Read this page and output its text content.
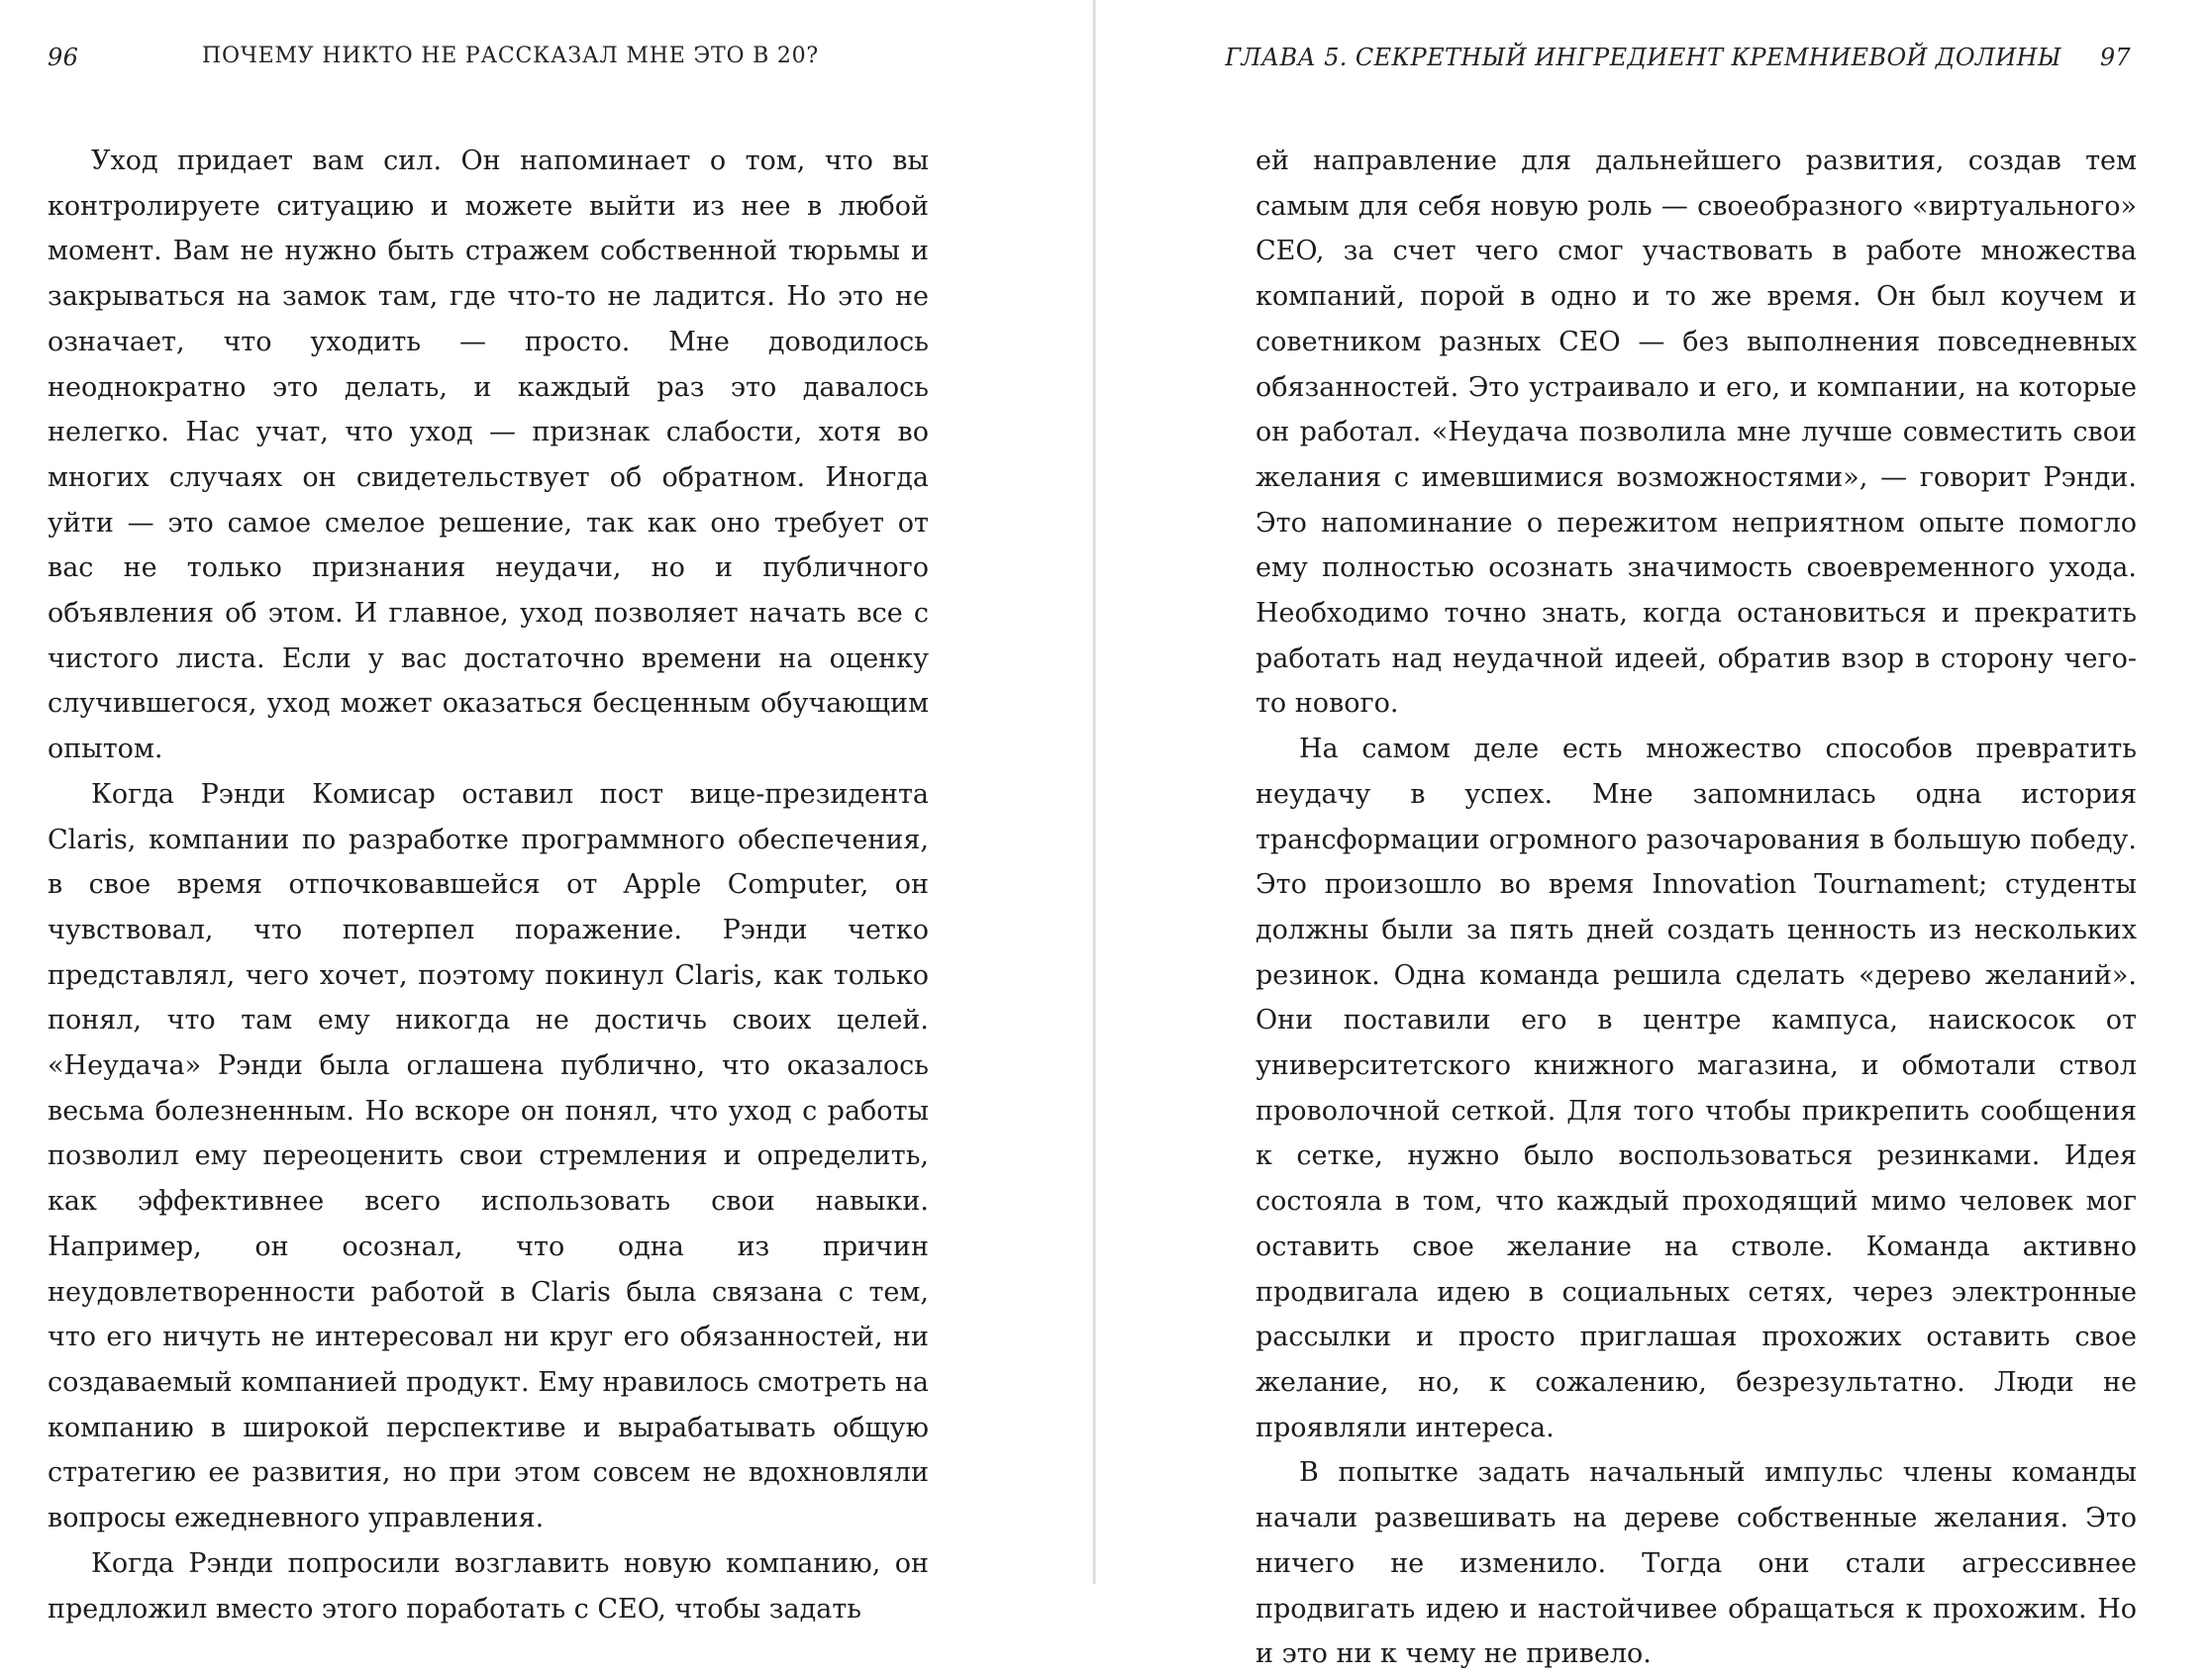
96	ПОЧЕМУ НИКТО НЕ РАССКАЗАЛ МНЕ ЭТО В 20?

Уход придает вам сил. Он напоминает о том, что вы контролируете ситуацию и можете выйти из нее в любой момент. Вам не нужно быть стражем собственной тюрьмы и закрываться на замок там, где что-то не ладится. Но это не означает, что уходить — просто. Мне доводилось неоднократно это делать, и каждый раз это давалось нелегко. Нас учат, что уход — признак слабости, хотя во многих случаях он свидетельствует об обратном. Иногда уйти — это самое смелое решение, так как оно требует от вас не только признания неудачи, но и публичного объявления об этом. И главное, уход позволяет начать все с чистого листа. Если у вас достаточно времени на оценку случившегося, уход может оказаться бесценным обучающим опытом.

Когда Рэнди Комисар оставил пост вице-президента Claris, компании по разработке программного обеспечения, в свое время отпочковавшейся от Apple Computer, он чувствовал, что потерпел поражение. Рэнди четко представлял, чего хочет, поэтому покинул Claris, как только понял, что там ему никогда не достичь своих целей. «Неудача» Рэнди была оглашена публично, что оказалось весьма болезненным. Но вскоре он понял, что уход с работы позволил ему переоценить свои стремления и определить, как эффективнее всего использовать свои навыки. Например, он осознал, что одна из причин неудовлетворенности работой в Claris была связана с тем, что его ничуть не интересовал ни круг его обязанностей, ни создаваемый компанией продукт. Ему нравилось смотреть на компанию в широкой перспективе и вырабатывать общую стратегию ее развития, но при этом совсем не вдохновляли вопросы ежедневного управления.

Когда Рэнди попросили возглавить новую компанию, он предложил вместо этого поработать с CEO, чтобы задать

ГЛАВА 5. СЕКРЕТНЫЙ ИНГРЕДИЕНТ КРЕМНИЕВОЙ ДОЛИНЫ 97

ей направление для дальнейшего развития, создав тем самым для себя новую роль — своеобразного «виртуального» CEO, за счет чего смог участвовать в работе множества компаний, порой в одно и то же время. Он был коучем и советником разных CEO — без выполнения повседневных обязанностей. Это устраивало и его, и компании, на которые он работал. «Неудача позволила мне лучше совместить свои желания с имевшимися возможностями», — говорит Рэнди. Это напоминание о пережитом неприятном опыте помогло ему полностью осознать значимость своевременного ухода. Необходимо точно знать, когда остановиться и прекратить работать над неудачной идеей, обратив взор в сторону чего-то нового.

На самом деле есть множество способов превратить неудачу в успех. Мне запомнилась одна история трансформации огромного разочарования в большую победу. Это произошло во время Innovation Tournament; студенты должны были за пять дней создать ценность из нескольких резинок. Одна команда решила сделать «дерево желаний». Они поставили его в центре кампуса, наискосок от университетского книжного магазина, и обмотали ствол проволочной сеткой. Для того чтобы прикрепить сообщения к сетке, нужно было воспользоваться резинками. Идея состояла в том, что каждый проходящий мимо человек мог оставить свое желание на стволе. Команда активно продвигала идею в социальных сетях, через электронные рассылки и просто приглашая прохожих оставить свое желание, но, к сожалению, безрезультатно. Люди не проявляли интереса.

В попытке задать начальный импульс члены команды начали развешивать на дереве собственные желания. Это ничего не изменило. Тогда они стали агрессивнее продвигать идею и настойчивее обращаться к прохожим. Но и это ни к чему не привело.
